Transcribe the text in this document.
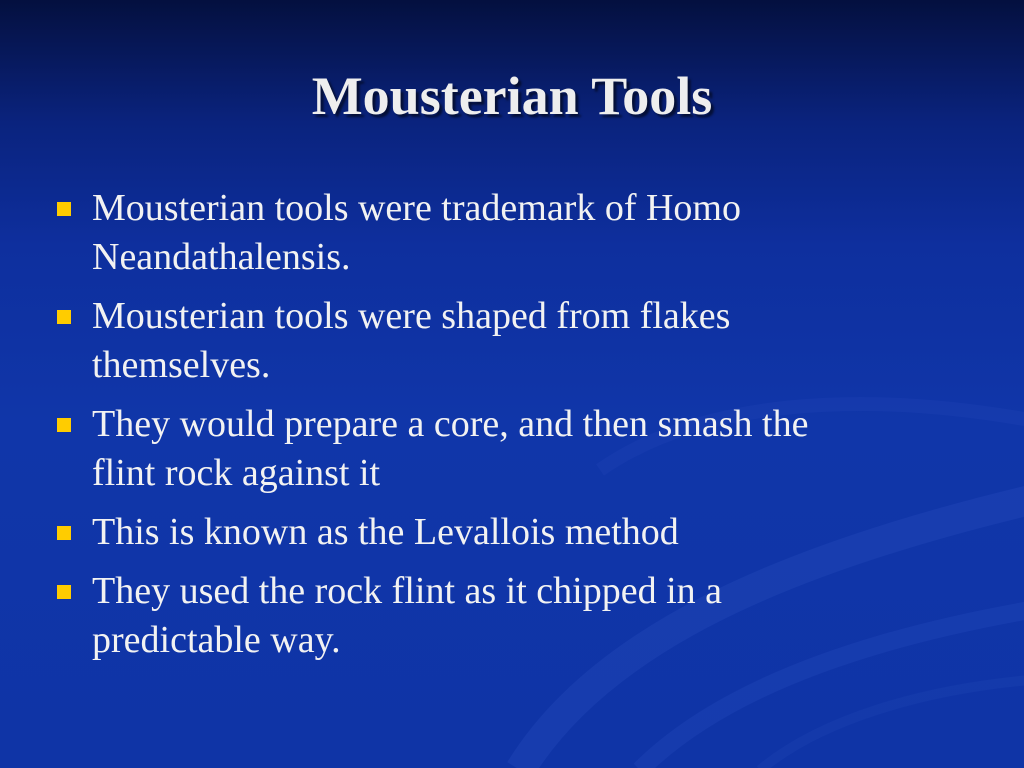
Mousterian Tools
Mousterian tools were trademark of Homo
Neandathalensis.
Mousterian tools were shaped from flakes
themselves.
They would prepare a core, and then smash the
flint rock against it
This is known as the Levallois method
They used the rock flint as it chipped in a
predictable way.
